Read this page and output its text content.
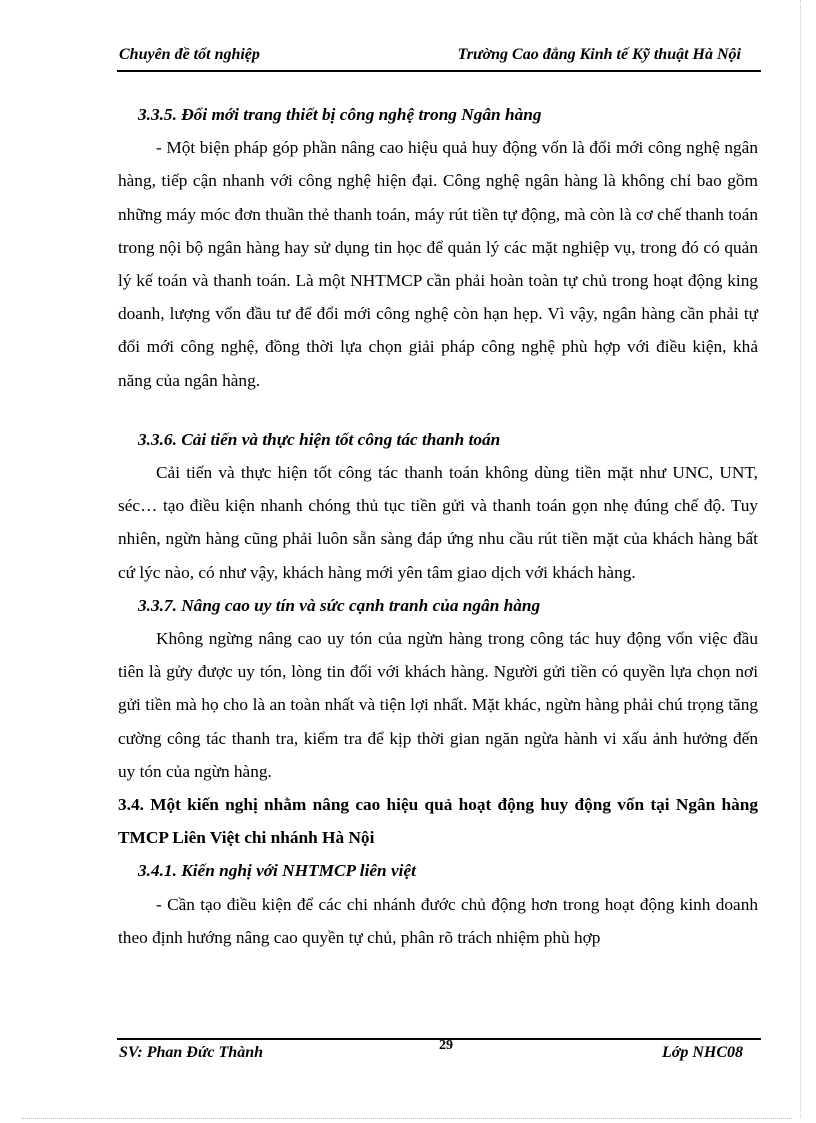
Chuyên đề tốt nghiệp	Trường Cao đẳng Kinh tế Kỹ thuật Hà Nội

3.3.5. Đổi mới trang thiết bị công nghệ trong Ngân hàng

- Một biện pháp góp phần nâng cao hiệu quả huy động vốn là đổi mới công nghệ ngân hàng, tiếp cận nhanh với công nghệ hiện đại. Công nghệ ngân hàng là không chỉ bao gồm những máy móc đơn thuần thẻ thanh toán, máy rút tiền tự động, mà còn là cơ chế thanh toán trong nội bộ ngân hàng hay sử dụng tin học để quản lý các mặt nghiệp vụ, trong đó có quản lý kế toán và thanh toán. Là một NHTMCP cần phải hoàn toàn tự chủ trong hoạt động king doanh, lượng vốn đầu tư để đổi mới công nghệ còn hạn hẹp. Vì vậy, ngân hàng cần phải tự đổi mới công nghệ, đồng thời lựa chọn giải pháp công nghệ phù hợp với điều kiện, khả năng của ngân hàng.

3.3.6. Cải tiến và thực hiện tốt công tác thanh toán

Cải tiến và thực hiện tốt công tác thanh toán không dùng tiền mặt như UNC, UNT, séc… tạo điều kiện nhanh chóng thủ tục tiền gửi và thanh toán gọn nhẹ đúng chế độ. Tuy nhiên, ngừn hàng cũng phải luôn sẵn sàng đáp ứng nhu cầu rút tiền mặt của khách hàng bất cứ lýc nào, có như vậy, khách hàng mới yên tâm giao dịch với khách hàng.

3.3.7. Nâng cao uy tín và sức cạnh tranh của ngân hàng

Không ngừng nâng cao uy tón của ngừn hàng trong công tác huy động vốn việc đầu tiên là gửy được uy tón, lòng tin đối với khách hàng. Người gửi tiền có quyền lựa chọn nơi gửi tiền mà họ cho là an toàn nhất và tiện lợi nhất. Mặt khác, ngừn hàng phải chú trọng tăng cường công tác thanh tra, kiểm tra để kịp thời gian ngăn ngừa hành vi xấu ảnh hưởng đến uy tón của ngừn hàng.

3.4. Một kiến nghị nhằm nâng cao hiệu quả hoạt động huy động vốn tại Ngân hàng TMCP Liên Việt chi nhánh Hà Nội

3.4.1. Kiến nghị với NHTMCP liên việt

- Cần tạo điều kiện để các chi nhánh đước chủ động hơn trong hoạt động kinh doanh theo định hướng nâng cao quyền tự chủ, phân rõ trách nhiệm phù hợp

SV: Phan Đức Thành	29	Lớp NHC08
